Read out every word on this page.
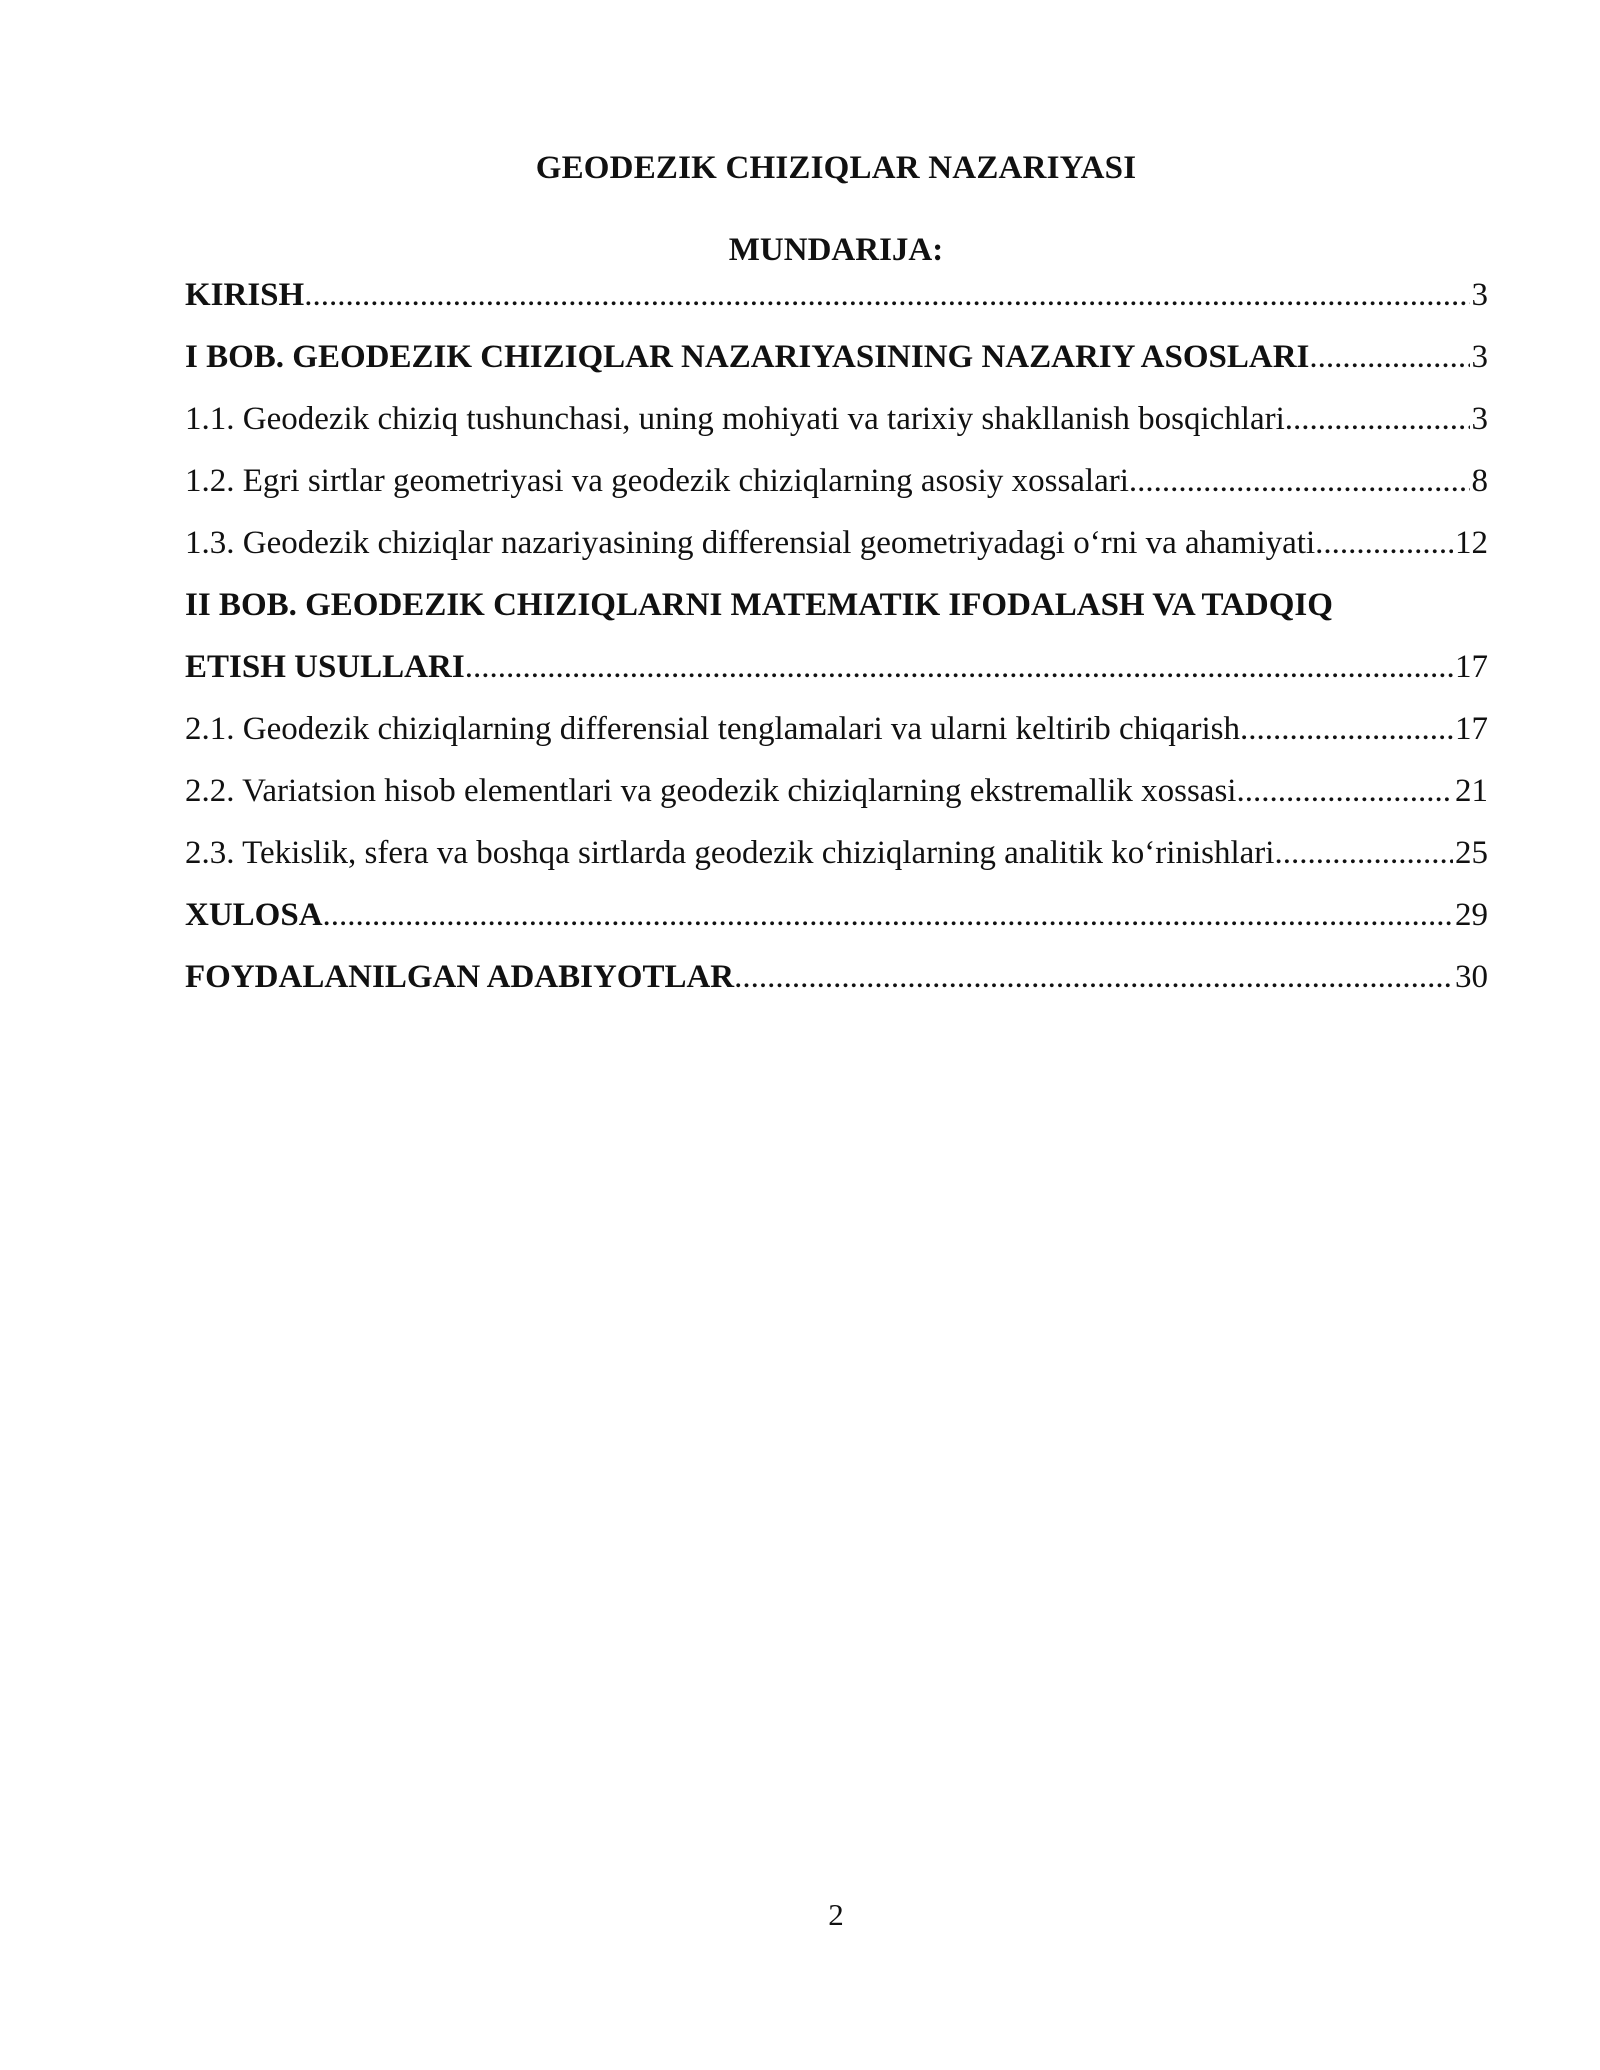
GEODEZIK CHIZIQLAR NAZARIYASI
MUNDARIJA:
KIRISH .....	3
I BOB. GEODEZIK CHIZIQLAR NAZARIYASINING NAZARIY ASOSLARI .....	3
1.1. Geodezik chiziq tushunchasi, uning mohiyati va tarixiy shakllanish bosqichlari .....	3
1.2. Egri sirtlar geometriyasi va geodezik chiziqlarning asosiy xossalari .....	8
1.3. Geodezik chiziqlar nazariyasining differensial geometriyadagi o‘rni va ahamiyati. .....	12
II BOB. GEODEZIK CHIZIQLARNI MATEMATIK IFODALASH VA TADQIQ
ETISH USULLARI .....	17
2.1. Geodezik chiziqlarning differensial tenglamalari va ularni keltirib chiqarish .....	17
2.2. Variatsion hisob elementlari va geodezik chiziqlarning ekstremallik xossasi .....	21
2.3. Tekislik, sfera va boshqa sirtlarda geodezik chiziqlarning analitik ko‘rinishlari .....	25
XULOSA .....	29
FOYDALANILGAN ADABIYOTLAR .....	30
2
